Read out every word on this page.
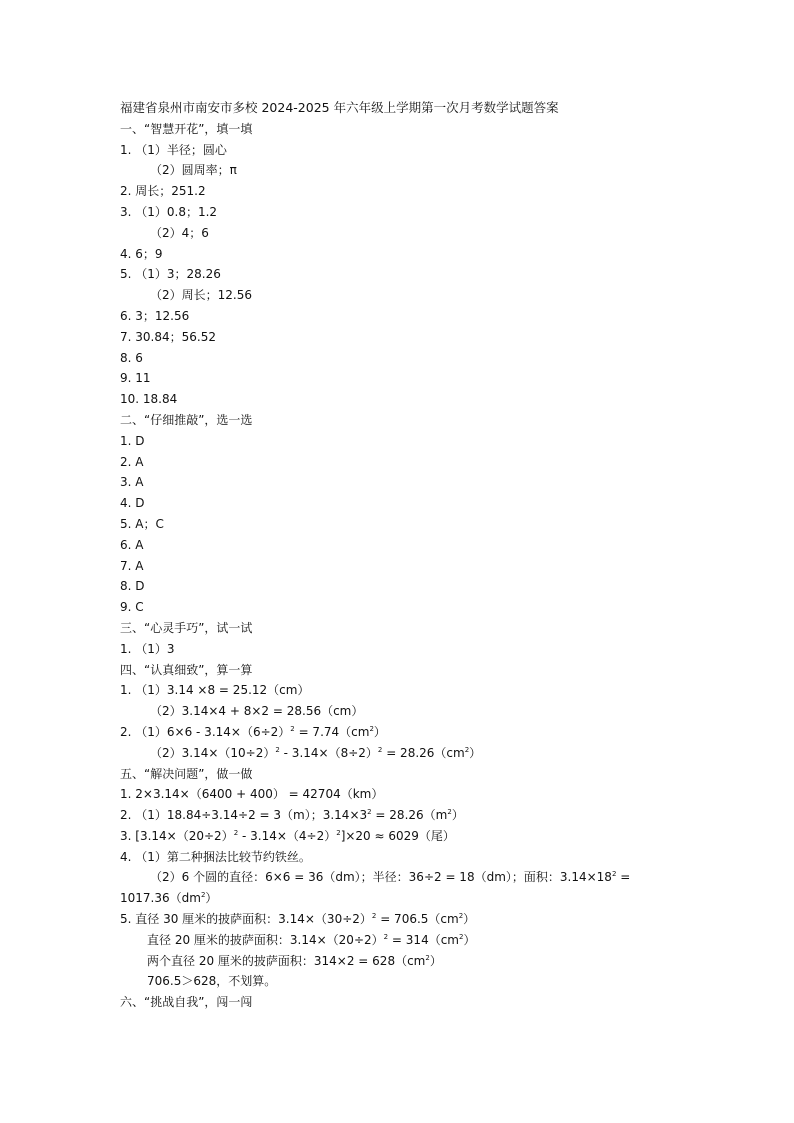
福建省泉州市南安市多校 2024-2025 年六年级上学期第一次月考数学试题答案
一、“智慧开花”，填一填
1. （1）半径；圆心
（2）圆周率；π
2. 周长；251.2
3. （1）0.8；1.2
（2）4；6
4. 6；9
5. （1）3；28.26
（2）周长；12.56
6. 3；12.56
7. 30.84；56.52
8. 6
9. 11
10. 18.84
二、“仔细推敲”，选一选
1. D
2. A
3. A
4. D
5. A；C
6. A
7. A
8. D
9. C
三、“心灵手巧”，试一试
1. （1）3
四、“认真细致”，算一算
1. （1）3.14 ×8 = 25.12（cm）
（2）3.14×4 + 8×2 = 28.56（cm）
2. $(1)6\times 6 - 3.14\times(6\div 2)^2 = 7.74(cm^2)$
$(2)3.14\times(10\div 2)^2 - 3.14\times(8\div 2)^2 = 28.26(cm^2)$
五、“解决问题”，做一做
1. 2×3.14×（6400 + 400） = 42704（km）
2. （1）18.84÷3.14÷2 = 3（m）；$3.14\times 3^2 = 28.26(m^2)$
3. $[3.14\times(20\div 2)^2 - 3.14\times(4\div 2)^2]\times 20 \approx 6029$（尾）
4. （1）第二种捆法比较节约铁丝。
（2）6 个圆的直径：6×6 = 36（dm）；半径：36÷2 = 18（dm）；面积：$3.14\times 18^2$ =
$1017.36(dm^2)$
5. 直径 30 厘米的披萨面积：$3.14\times(30\div 2)^2 = 706.5(cm^2)$
直径 20 厘米的披萨面积：$3.14\times(20\div 2)^2 = 314(cm^2)$
两个直径 20 厘米的披萨面积：$314\times 2 = 628(cm^2)$
706.5＞628，不划算。
六、“挑战自我”，闯一闯
